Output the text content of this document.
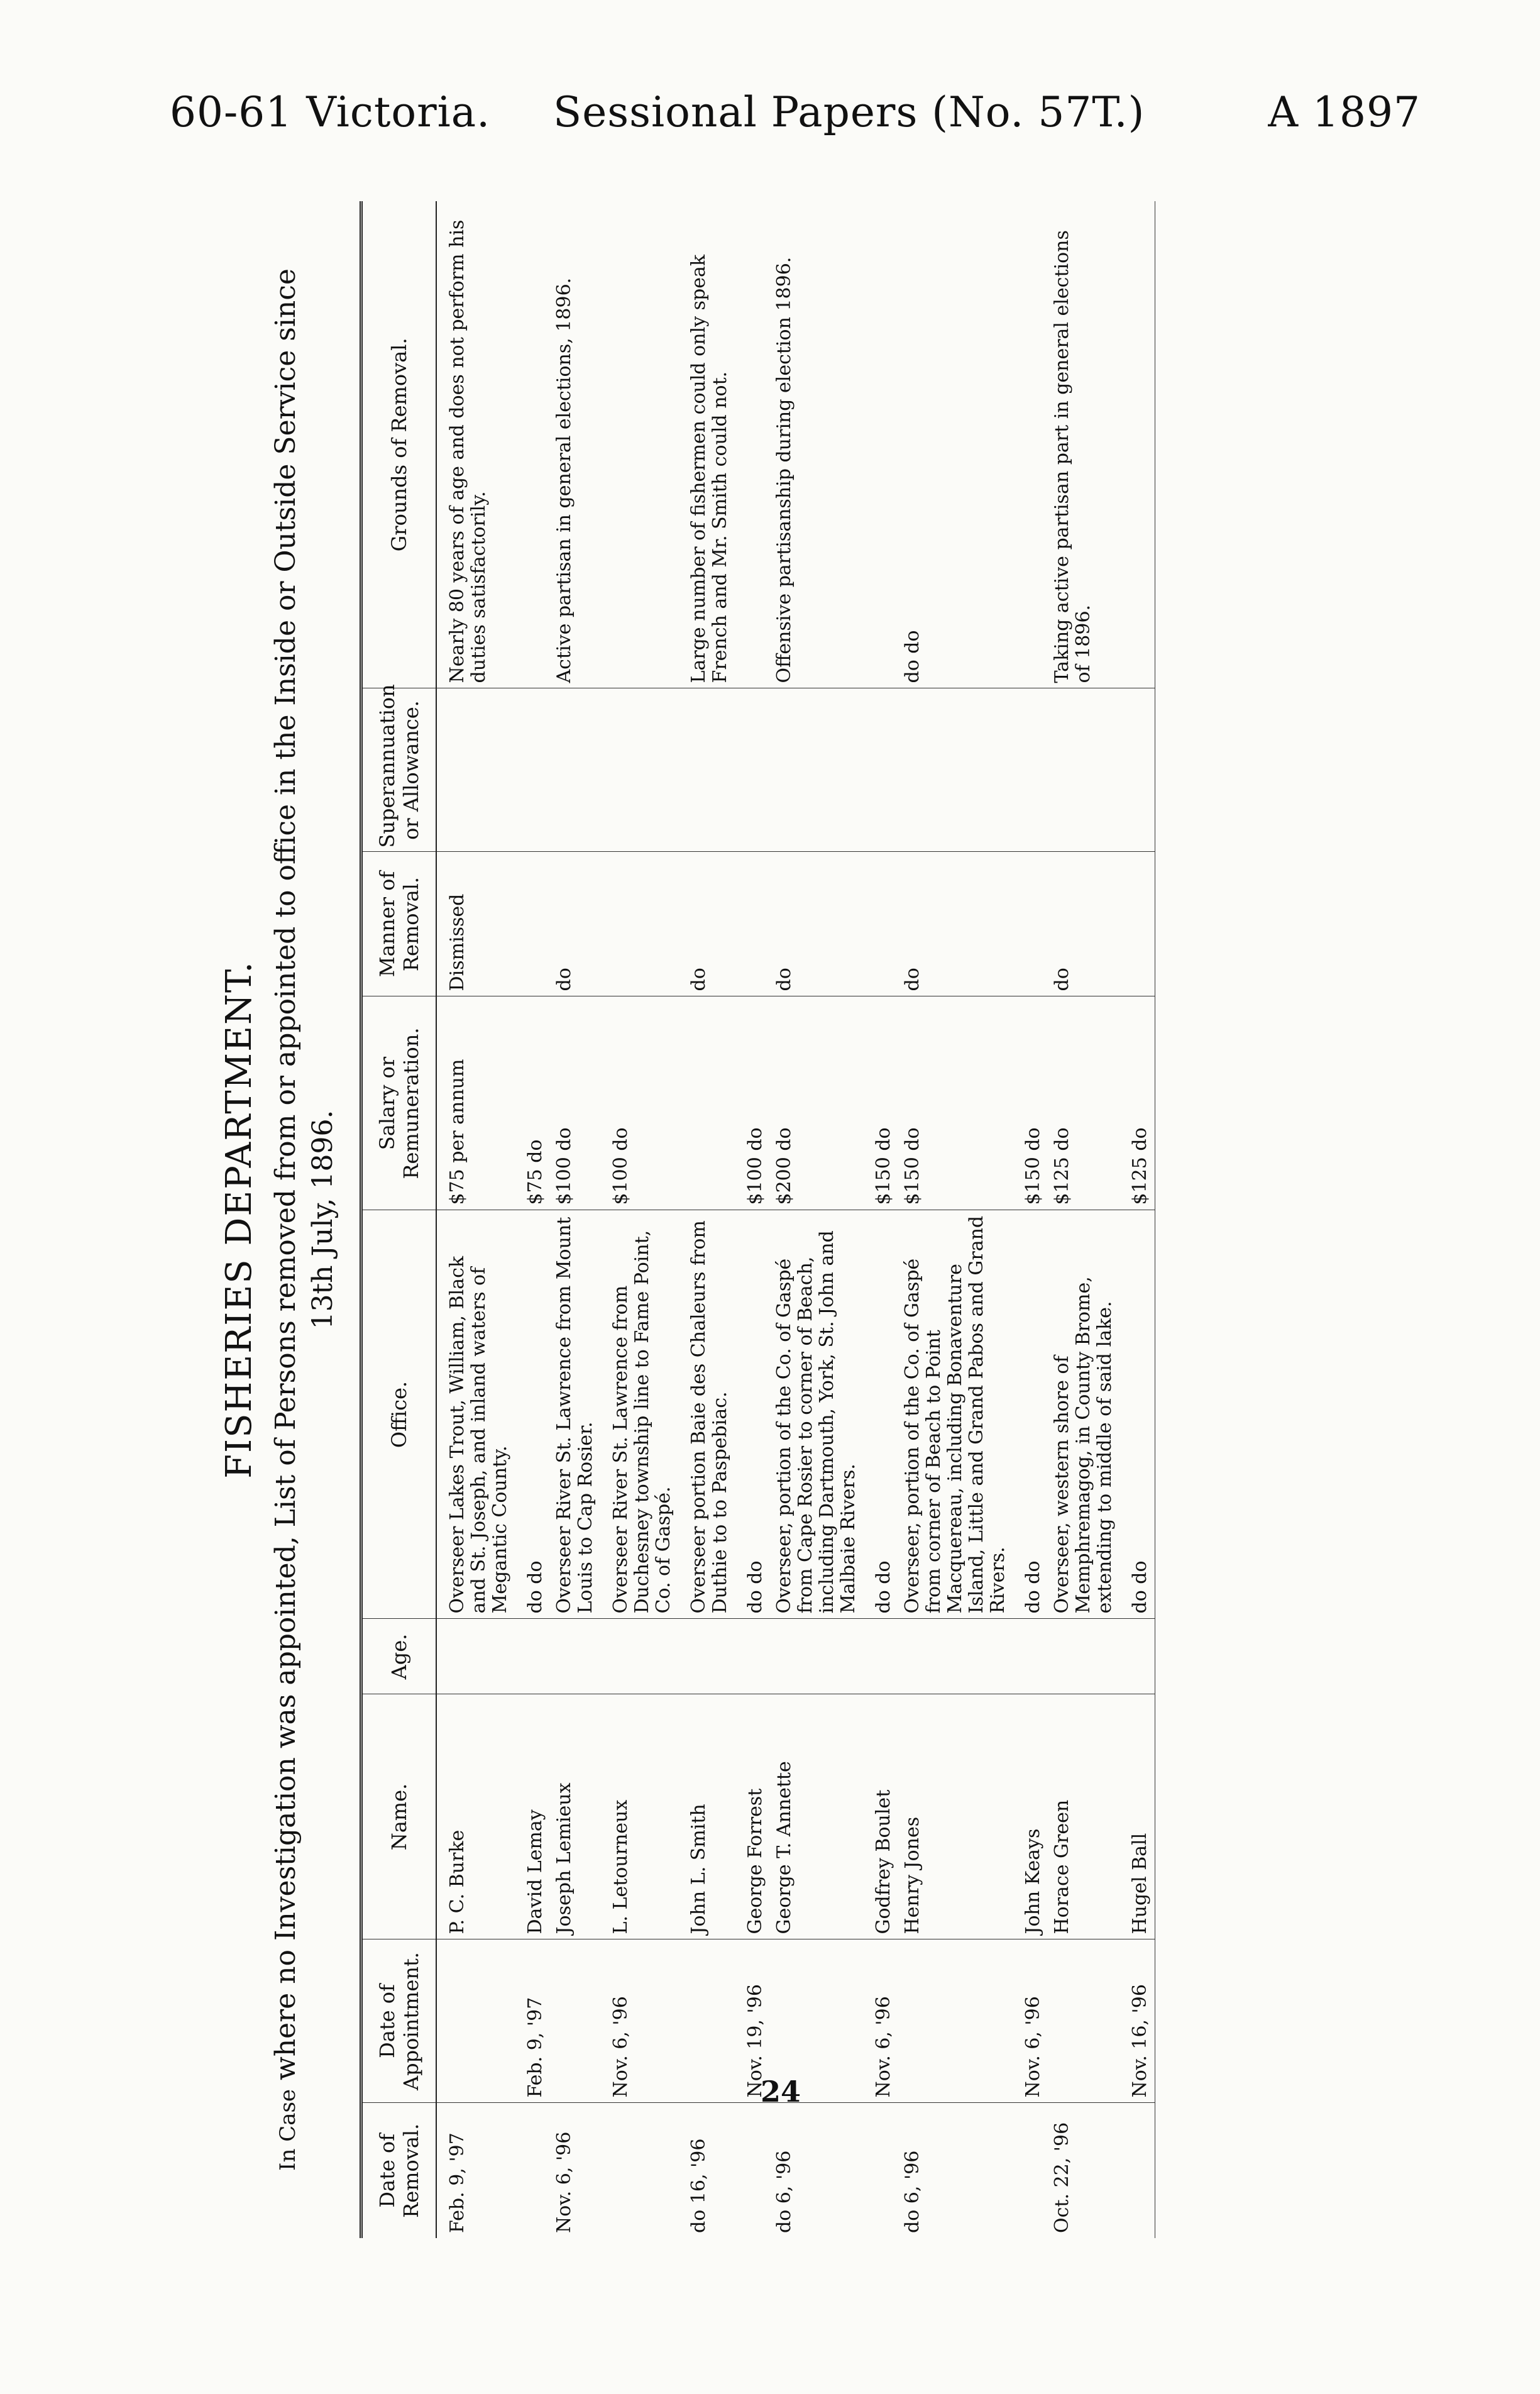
60-61 Victoria. Sessional Papers (No. 57T.)	A 1897
FISHERIES DEPARTMENT.
In Case where no Investigation was appointed, List of Persons removed from or appointed to office in the Inside or Outside Service since 13th July, 1896.
Date of Removal.	Date of Appointment.	Name.	Age.	Office.	Salary or Remuneration.	Manner of Removal.	Superannuation or Allowance.	Grounds of Removal.
Feb. 9, '97		P. C. Burke		Overseer Lakes Trout, William, Black and St. Joseph, and inland waters of Megantic County.	$75 per annum	Dismissed		Nearly 80 years of age and does not perform his duties satisfactorily.
	Feb. 9, '97	David Lemay		do do	$75 do			
Nov. 6, '96		Joseph Lemieux		Overseer River St. Lawrence from Mount Louis to Cap Rosier.	$100 do	do		Active partisan in general elections, 1896.
	Nov. 6, '96	L. Letourneux		Overseer River St. Lawrence from Duchesney township line to Fame Point, Co. of Gaspé.	$100 do			
do 16, '96		John L. Smith		Overseer portion Baie des Chaleurs from Duthie to to Paspebiac.		do		Large number of fishermen could only speak French and Mr. Smith could not.
	Nov. 19, '96	George Forrest		do do	$100 do			
do 6, '96		George T. Annette		Overseer, portion of the Co. of Gaspé from Cape Rosier to corner of Beach, including Dartmouth, York, St. John and Malbaie Rivers.	$200 do	do		Offensive partisanship during election 1896.
	Nov. 6, '96	Godfrey Boulet		do do	$150 do			
do 6, '96		Henry Jones		Overseer, portion of the Co. of Gaspé from corner of Beach to Point Macquereau, including Bonaventure Island, Little and Grand Pabos and Grand Rivers.	$150 do	do		do do
	Nov. 6, '96	John Keays		do do	$150 do			
Oct. 22, '96		Horace Green		Overseer, western shore of Memphremagog, in County Brome, extending to middle of said lake.	$125 do	do		Taking active partisan part in general elections of 1896.
	Nov. 16, '96	Hugel Ball		do do	$125 do			
24
